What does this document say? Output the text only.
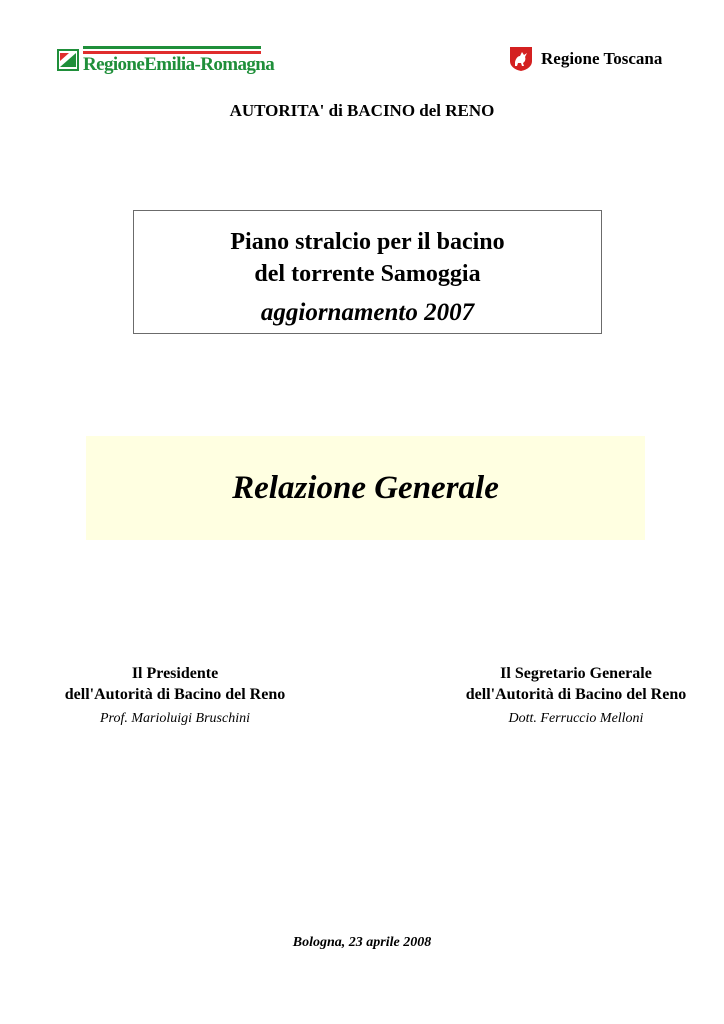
RegioneEmilia-Romagna	Regione Toscana
AUTORITA' di BACINO del RENO
Piano stralcio per il bacino
del torrente Samoggia
aggiornamento 2007
Relazione Generale
Il Presidente
dell'Autorità di Bacino del Reno
Prof. Marioluigi Bruschini
Il Segretario Generale
dell'Autorità di Bacino del Reno
Dott. Ferruccio Melloni
Bologna, 23 aprile 2008
